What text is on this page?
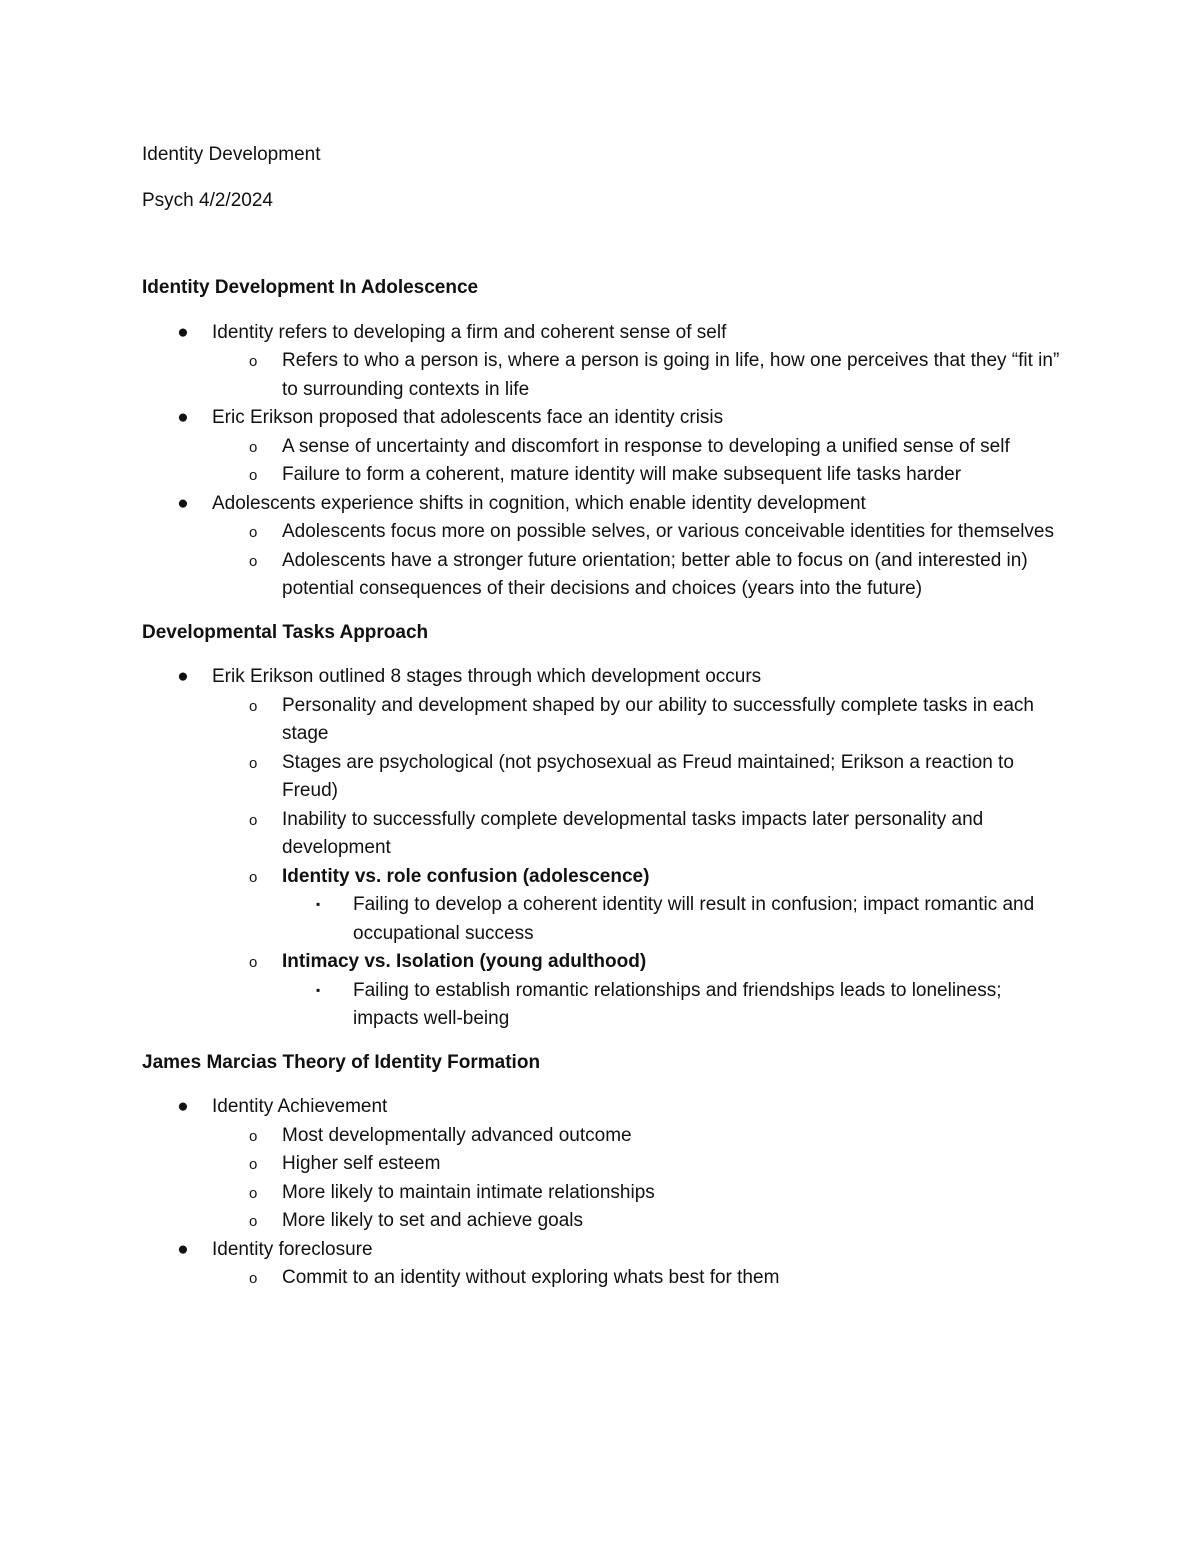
Identity Development

Psych 4/2/2024

Identity Development In Adolescence
● Identity refers to developing a firm and coherent sense of self
o Refers to who a person is, where a person is going in life, how one perceives that they “fit in” to surrounding contexts in life
● Eric Erikson proposed that adolescents face an identity crisis
o A sense of uncertainty and discomfort in response to developing a unified sense of self
o Failure to form a coherent, mature identity will make subsequent life tasks harder
● Adolescents experience shifts in cognition, which enable identity development
o Adolescents focus more on possible selves, or various conceivable identities for themselves
o Adolescents have a stronger future orientation; better able to focus on (and interested in) potential consequences of their decisions and choices (years into the future)
Developmental Tasks Approach
● Erik Erikson outlined 8 stages through which development occurs
o Personality and development shaped by our ability to successfully complete tasks in each stage
o Stages are psychological (not psychosexual as Freud maintained; Erikson a reaction to Freud)
o Inability to successfully complete developmental tasks impacts later personality and development
o Identity vs. role confusion (adolescence)
▪ Failing to develop a coherent identity will result in confusion; impact romantic and occupational success
o Intimacy vs. Isolation (young adulthood)
▪ Failing to establish romantic relationships and friendships leads to loneliness; impacts well-being
James Marcias Theory of Identity Formation
● Identity Achievement
o Most developmentally advanced outcome
o Higher self esteem
o More likely to maintain intimate relationships
o More likely to set and achieve goals
● Identity foreclosure
o Commit to an identity without exploring whats best for them
